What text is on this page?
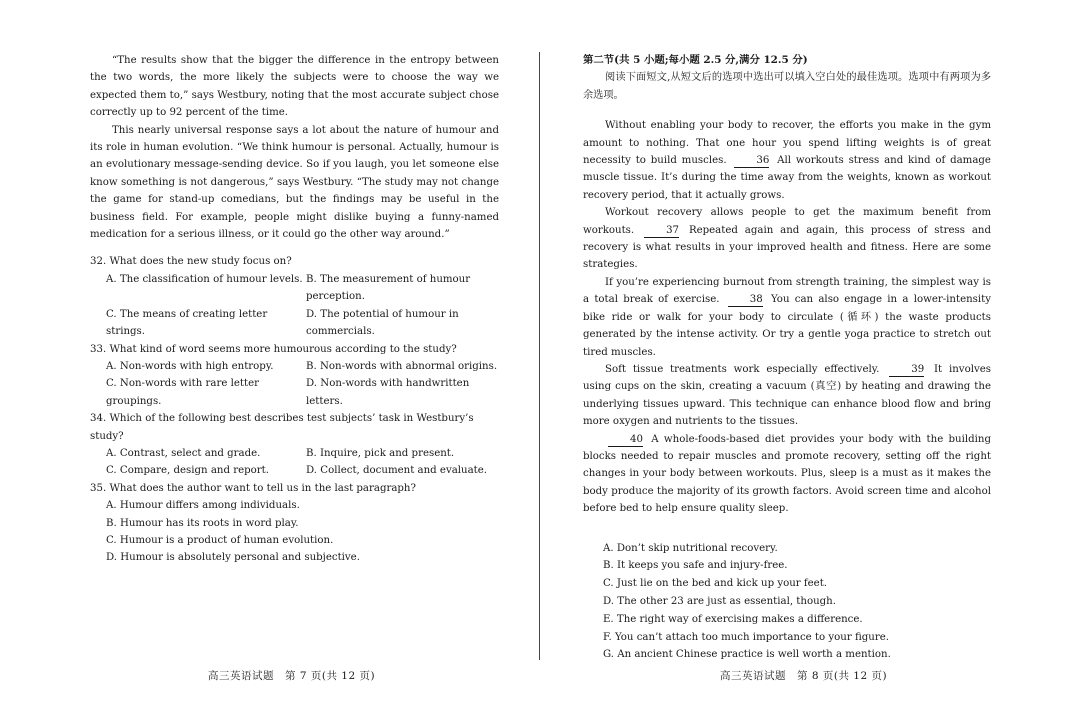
“The results show that the bigger the difference in the entropy between the two words, the more likely the subjects were to choose the way we expected them to,” says Westbury, noting that the most accurate subject chose correctly up to 92 percent of the time.

This nearly universal response says a lot about the nature of humour and its role in human evolution. “We think humour is personal. Actually, humour is an evolutionary message-sending device. So if you laugh, you let someone else know something is not dangerous,” says Westbury. “The study may not change the game for stand-up comedians, but the findings may be useful in the business field. For example, people might dislike buying a funny-named medication for a serious illness, or it could go the other way around.”

32. What does the new study focus on?
A. The classification of humour levels. B. The measurement of humour perception.
C. The means of creating letter strings.
D. The potential of humour in commercials.
33. What kind of word seems more humourous according to the study?
A. Non-words with high entropy.	B. Non-words with abnormal origins.
C. Non-words with rare letter groupings.
D. Non-words with handwritten letters.
34. Which of the following best describes test subjects’ task in Westbury’s study?
A. Contrast, select and grade.	B. Inquire, pick and present.
C. Compare, design and report.	D. Collect, document and evaluate.
35. What does the author want to tell us in the last paragraph?
A. Humour differs among individuals.
B. Humour has its roots in word play.
C. Humour is a product of human evolution.
D. Humour is absolutely personal and subjective.
第二节(共 5 小题;每小题 2.5 分,满分 12.5 分)

阅读下面短文,从短文后的选项中选出可以填入空白处的最佳选项。选项中有两项为多余选项。

Without enabling your body to recover, the efforts you make in the gym amount to nothing. That one hour you spend lifting weights is of great necessity to build muscles.	36 All workouts stress and kind of damage muscle tissue. It’s during the time away from the weights, known as workout recovery period, that it actually grows.

Workout recovery allows people to get the maximum benefit from workouts.	37 Repeated again and again, this process of stress and recovery is what results in your improved health and fitness. Here are some strategies.

If you’re experiencing burnout from strength training, the simplest way is a total break of exercise.	38 You can also engage in a lower-intensity bike ride or walk for your body to circulate (循环) the waste products generated by the intense activity. Or try a gentle yoga practice to stretch out tired muscles.

Soft tissue treatments work especially effectively.	39 It involves using cups on the skin, creating a vacuum (真空) by heating and drawing the underlying tissues upward. This technique can enhance blood flow and bring more oxygen and nutrients to the tissues.

40 A whole-foods-based diet provides your body with the building blocks needed to repair muscles and promote recovery, setting off the right changes in your body between workouts. Plus, sleep is a must as it makes the body produce the majority of its growth factors. Avoid screen time and alcohol before bed to help ensure quality sleep.

A. Don’t skip nutritional recovery.
B. It keeps you safe and injury-free.
C. Just lie on the bed and kick up your feet.
D. The other 23 are just as essential, though.
E. The right way of exercising makes a difference.
F. You can’t attach too much importance to your figure.
G. An ancient Chinese practice is well worth a mention.
高三英语试题　第 7 页(共 12 页)	高三英语试题　第 8 页(共 12 页)
